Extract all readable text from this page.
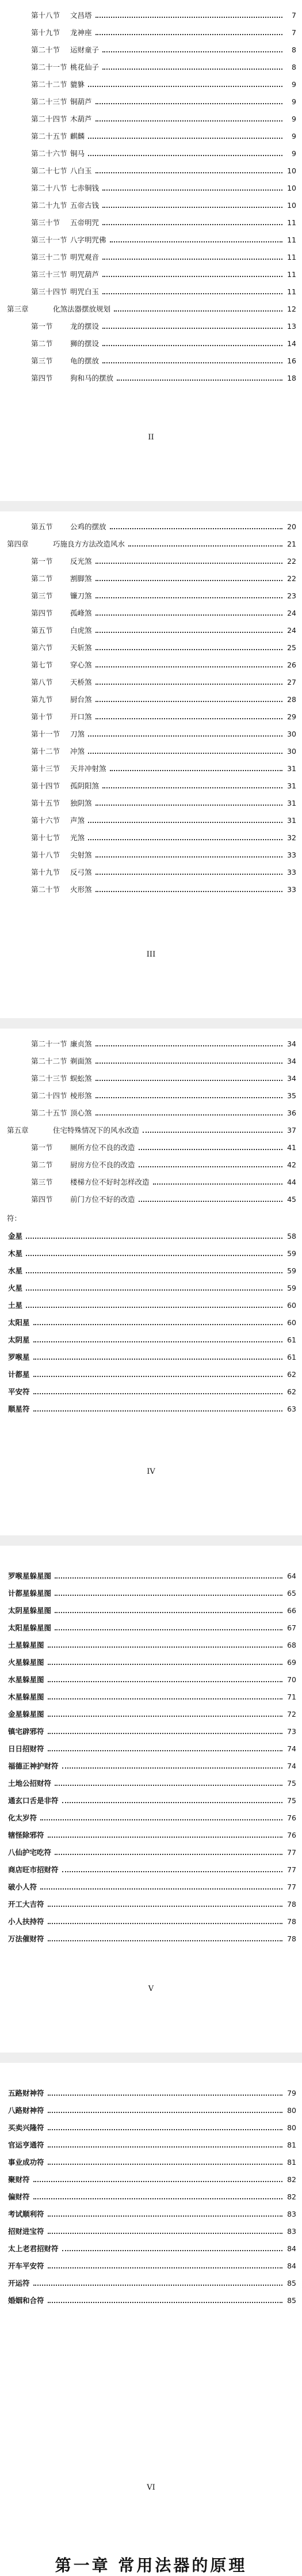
第十八节	文昌塔	7
第十九节	龙神座	7
第二十节	运财童子	8
第二十一节 桃花仙子	8
第二十二节 貔貅	9
第二十三节 铜葫芦	9
第二十四节 木葫芦	9
第二十五节 麒麟	9
第二十六节 铜马	9
第二十七节 八白玉	10
第二十八节 七赤铜钱	10
第二十九节 五帝古钱	10
第三十节	五帝明咒	11
第三十一节 八字明咒佛	11
第三十二节 明咒观音	11
第三十三节 明咒葫芦	11
第三十四节 明咒白玉	11
第三章	化煞法器摆放规划	12
第一节	龙的摆设	13
第二节	狮的摆设	14
第三节	龟的摆放	16
第四节	狗和马的摆放	18
II
第五节	公鸡的摆放	20
第四章	巧施良方方法改造风水	21
第一节	反光煞	22
第二节	割脚煞	22
第三节	镰刀煞	23
第四节	孤峰煞	24
第五节	白虎煞	24
第六节	天斩煞	25
第七节	穿心煞	26
第八节	天桥煞	27
第九节	厨台煞	28
第十节	开口煞	29
第十一节	刀煞	30
第十二节	冲煞	30
第十三节	天井冲射煞	31
第十四节	孤阴阳煞	31
第十五节	独阴煞	31
第十六节	声煞	31
第十七节	光煞	32
第十八节	尖射煞	33
第十九节	反弓煞	33
第二十节	火形煞	33
III
第二十一节 廉贞煞	34
第二十二节 剃面煞	34
第二十三节 蜈蚣煞	34
第二十四节 棱形煞	35
第二十五节 顶心煞	36
第五章	住宅特殊情况下的风水改造	37
第一节	厕所方位不良的改造	41
第二节	厨房方位不良的改造	42
第三节	楼梯方位不好时怎样改造	44
第四节	前门方位不好的改造	45
符：
金星	58
木星	59
水星	59
火星	59
土星	60
太阳星	60
太阴星	61
罗喉星	61
计都星	62
平安符	62
顺星符	63
IV
罗喉星躲星图	64
计都星躲星图	65
太阴星躲星图	66
太阳星躲星图	67
土星躲星图	68
火星躲星图	69
水星躲星图	70
木星躲星图	71
金星躲星图	72
镇宅辟邪符	73
日日招财符	74
福德正神护财符	74
土地公招财符	75
通玄口舌是非符	75
化太岁符	76
辖怪除邪符	76
八仙护宅吃符	77
商店旺市招财符	77
破小人符	77
开工大吉符	78
小人扶持符	78
万法催财符	78
V
五路财神符	79
八路财神符	80
买卖兴隆符	80
官运亨通符	81
事业成功符	81
聚财符	82
偏财符	82
考试顺利符	83
招财进宝符	83
太上老君招财符	84
开车平安符	84
开运符	85
婚姻和合符	85
VI
第一章 常用法器的原理
